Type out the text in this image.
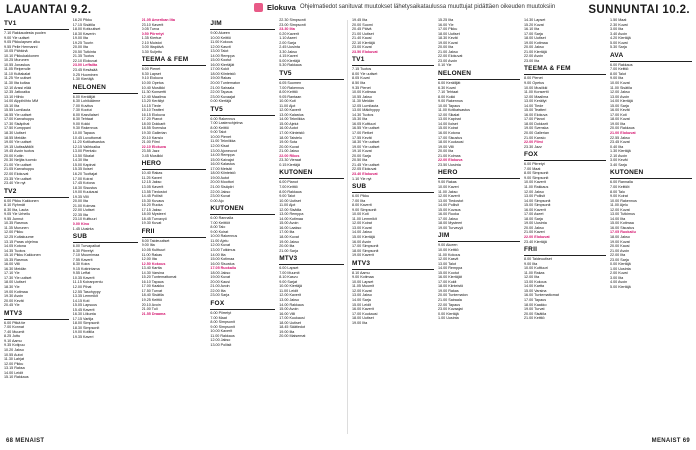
LAUANTAI 9.2.	Elokuva Ohjelmatiedot sanituvat muutokset lähetysaikataulussa muuttujat pidättäen oikeuden muutoksiin	SUNNUNTAI 10.2.
TV1
7.10 Rakkaudesta puolen
9.00 Yle uutiset
9.05 Pikkulapsen alku
9.55 Pelle Hermanni
10.05 Pähkinä
10.10 Pikkukakkonen
10.25 Murunen
10.55 Jonaskus
11.05 Reiperulle
11.10 Kultakalat
11.25 Yle uutiset
11.30 Ilta kultaa
12.10 Anssi elää
12.35 Jatkoaika
13.10 Hiihto
14.00 Alppihiihto MM
15.10 Ilta
15.55 Lumilauta
16.55 Yle uutiset
17.00 Karvahuppu
17.30 Sisäpihat
17.50 Kumppani
18.30 Uutiset
18.55 Meidän
19.00 Yle uutiset
19.15 Uutissäätiöt
19.45 Avoin tuotos
20.00 Kotiin
20.30 Neljäs tuomio
21.00 Yle uutiset
21.05 Karvahuppu
22.00 Elokuvat
23.35 Yle uutiset
23.40 Yle nyt
TV2
6.00 Pikku Kakkonen
8.10 Ryhmät
8.30 Ilta, Lauta
9.05 Yle Urheilu
9.55 Junnut
10.35 Rasmus
11.35 Murunen
12.00 Pikku
12.25 Kultakuume
13.15 Paras ohjelma
14.05 Kotona
14.35 Tuotos
15.10 Pikku Kakkonen
15.35 Rasmus
16.00 Villi
16.30 Meidän
17.10 Yle
17.30 Yle uutiset
18.00 Uutiset
18.30 Yle
19.00 Kotimaa
19.30 Avoin
20.00 Kevät
20.45 Yle
MTV3
6.00 Pitkä tie
7.00 Konnat
7.40 Muumit
8.25 Juttu
9.10 Aamu
9.35 Kotipuu
10.20 Jakso
10.55 Autot
11.30 Lahjat
12.00 Pikku
13.15 Raksa
14.00 Leidit
15.10 Rakkaus
16.20 Pikku
17.15 Sisätila
18.00 Kotiuutiset
18.30 Kaverin
19.00 Ilta
19.25 Tuurin
20.00 Ilta
20.50 Tutkinta
21.35 Tuotos
22.10 Elokuvat
23.00 Leffailta
23.45 Kesäsää
0.25 Huominen
1.30 Kiertäjä
NELONEN
6.00 Keräilijät
6.30 Lohikäärme
7.00 Kuvitus
7.30 Kootut
8.00 Kasvilaiset
8.30 Tehtaat
9.00 Kokki
9.30 Rakennus
10.00 Tapaus
10.45 Luvuttomat
11.20 Kotikatsastus
12.15 Vaihtoaika
13.00 Pientalo
13.50 Sikalat
14.30 Ilta
15.00 Kapinat
15.35 Iloiset
16.20 Tuottajat
17.00 Koirat
17.45 Kotona
18.30 Sisustus
19.00 Kuukausi
19.35 Villi
20.00 Ilta
21.00 Kolmas
22.00 Uutiset
22.35 Ilta
23.10 Kulttuuri
0.00 Kino
1.45 Uusinta
SUB
6.00 Turvapaikat
6.30 Piirretyt
7.10 Muumimaa
7.55 Kaverit
8.30 Koira
9.15 Kotirintama
9.55 Leffat
10.35 Kaverit
11.15 Koiranpentu
12.00 Pihat
12.55 Tasohyppy
13.35 Lemmikit
14.15 Koti
15.05 Lapsuus
15.45 Kaverit
16.30 Liikunta
17.15 Vartija
18.00 Simpsonit
18.30 Simpsonit
19.00 Kotitila
19.35 Kaveri
21.05 Amerikan Ilta
23.10 Kaverit
0.05 Turva
0.50 Piirretyt
1.35 Kiertue
2.10 Muistot
3.00 Iltapäivä
3.30 Suljettu
TEEMA & FEM
8.00 Pienet
8.30 Lapset
9.10 Elokuva
10.00 Opetus
10.40 Musiikki
11.30 Konsertti
12.40 Maailma
13.20 Keräilyt
14.15 Tiede
15.10 Teatteri
16.15 Elokuva
17.20 Pianot
18.00 Dokkarit
18.55 Svenska
19.30 Gallerian
20.10 Kansio
21.00 Filmi
22.10 Elokuva
23.55 Jazz
0.45 Musiikki
HERO
10.40 Rakas
11.25 Kaveri
12.15 Jakso
13.05 Kaverit
13.55 Tiedostot
14.45 Poliisit
15.30 Kuvaus
16.20 Ruoka
17.15 Jakso
18.00 Mysteeri
18.45 Turvavyö
19.30 Kuvat
FRII
8.00 Taideuutiset
9.00 Ilta
10.05 Kulttuuri
11.00 Rakas
12.00 Ilta
12.50 Kokous
13.40 Kartta
14.30 Varsina
15.20 Tuntemattomat
16.10 Tapaus
17.00 Kaakko
17.50 Turvat
18.40 Sisätila
19.25 Keittiö
20.10 Avoin
21.00 Tuli
21.55 Draama
JIM
9.00 Alueen
10.00 Keittiö
11.00 Kokous
12.00 Kasvit
13.00 Talot
14.00 Remppa
15.00 Kootut
16.00 Kiertäjät
17.00 Kokit
18.00 Kiinteistö
19.00 Rakas
20.00 Tuntematon
21.00 Sairaala
22.00 Tapaus
23.00 Kuvaajat
0.00 Kiertäjä
TV5
6.00 Rakennus
7.00 Lastenohjelma
8.00 Keittiö
9.00 Talot
10.00 Pienet
11.00 Tekniikka
12.00 Kisat
13.00 Ajoneuvot
14.00 Remppa
15.00 Kaivajat
16.00 Kalastus
17.00 Metsät
18.00 Kiinteistö
19.00 Autot
20.00 Moottori
21.00 Sisäpiiri
22.00 Jakso
23.00 Kuvat
0.00 Ajo
KUTONEN
6.00 Rannalla
7.00 Keittiöt
8.00 Talo
9.00 Koirat
10.00 Rakennus
11.00 Ajelu
12.00 Kuvat
13.00 Tutkimus
14.00 Ilta
15.00 Kotimaa
16.00 Sisustus
17.05 Ruokailu
18.00 Jakso
19.00 Kuvat
20.00 Kausi
21.00 Avoin
22.00 Ilta
23.00 Sarja
FOX
6.00 Piirretyt
7.00 Maat
8.00 Simpsonit
9.00 Simpsonit
10.00 Kaverit
11.00 Rakkaus
12.00 Jakso
13.00 Poliisit
22.30 Simpsonit
23.00 Simpsonit
23.30 Ilta
0.20 Kaverit
1.10 Aseet
2.00 Sarja
2.45 Uusinta
3.30 Jakso
4.15 Kaveri
5.00 Kiertäjä
5.30 Rakkaus
TV5
6.05 Suomen
7.00 Rakennus
8.00 Keittiö
9.05 Rantaan
10.00 Koti
11.00 Ajot
12.00 Kaverit
13.00 Kalastus
14.00 Tekniikka
15.00 Ajelut
16.00 Autot
17.00 Kiinteistö
18.00 Taistelu
19.00 Sota
20.00 Kuvat
21.00 Jakso
22.00 Rikos
23.30 Vieraat
0.15 Kiertäjä
KUTONEN
6.00 Pianot
7.00 Keittiö
8.00 Rakkaus
9.00 Talot
10.00 Uutiset
11.00 Ajot
12.00 Sisätila
13.00 Remppa
14.00 Kotimaa
15.00 Avoin
16.00 Laakso
17.00 Ilta
18.00 Kuvat
19.00 Jakso
20.00 Ilta
21.00 Sarja
MTV3
6.00 Lapset
7.00 Muumit
8.10 Kasvu
9.00 Sarjat
10.00 Kiertäjä
11.00 Leidit
12.00 Kaverit
13.00 Jakso
14.00 Rakkaus
15.00 Avoin
16.00 Villi
17.00 Kuukausi
18.00 Uutiset
18.45 Säätiedot
19.00 Ilta
20.00 Maisemat
19.45 Ilta
20.00 Suomi
20.45 Päivä
21.00 Uutiset
21.40 Kausi
22.10 Kiertäjä
23.00 Kuvat
23.50 Elokuvat
TV1
7.15 Tuotos
8.00 Yle uutiset
8.05 Kuvat
8.50 Ilta
9.35 Pienet
10.00 Kotimaa
10.55 Jakso
11.30 Meidän
12.05 Lumilauta
13.00 Mäkihyppy
14.30 Tuotos
15.30 Ilta
16.05 Kulttuuri
16.55 Yle uutiset
17.00 Retket
17.55 Kevät
18.30 Yle uutiset
19.00 Yle uutiset
19.10 Kuvat
20.00 Sarja
20.50 Ilta
21.45 Yle uutiset
22.05 Elokuvat
23.40 Elokuvat
1.10 Yle nyt
SUB
6.00 Pikku
7.00 Ilta
8.00 Kaverit
9.00 Simpsonit
10.00 Koti
11.00 Lemmikit
12.00 Koirat
13.00 Kuvat
14.00 Jakso
15.00 Kiertäjä
16.00 Avoin
17.00 Simpsonit
18.00 Simpsonit
19.00 Kaverit
MTV3
8.10 Aamu
9.00 Kotimaa
10.00 Lapset
11.05 Muumit
12.00 Kuvat
13.00 Jakso
14.00 Sarja
15.00 Leidit
16.00 Kaverit
17.00 Kuukausi
18.00 Uutiset
19.00 Ilta
15.25 Ilta
16.00 Yle
17.00 Pikku
18.00 Uutiset
18.30 Kevät
19.00 Kuvat
20.00 Ilta
21.00 Jakso
22.00 Elokuvat
23.00 Avoin
0.10 Yle
NELONEN
6.00 Keräilijät
6.30 Kuvat
7.10 Tehtaat
8.00 Kokki
9.00 Rakennus
10.00 Tapaus
11.00 Kotikatsastus
12.00 Sikalat
13.00 Kapinat
14.00 Iloiset
15.00 Koirat
16.00 Kotona
17.00 Sisustus
18.00 Kuukausi
19.00 Villi
20.00 Ilta
21.00 Kolmas
22.00 Elokuva
23.50 Uusinta
HERO
9.00 Rakas
10.00 Kaveri
11.00 Jakso
12.00 Kaverit
13.00 Tiedostot
14.00 Poliisit
15.00 Kuvaus
16.00 Ruoka
17.00 Jakso
18.00 Mysteeri
19.00 Turvavyö
JIM
9.00 Alueen
10.00 Keittiö
11.00 Kokous
12.00 Kasvit
13.00 Talot
14.00 Remppa
15.00 Kootut
16.00 Kiertäjät
17.00 Kokit
18.00 Kiinteistö
19.00 Rakas
20.00 Tuntematon
21.00 Sairaala
22.00 Tapaus
23.00 Kuvaajat
0.00 Kiertäjä
1.00 Uusinta
14.30 Lapset
15.20 Kuvat
16.10 Ilta
17.00 Sarja
18.00 Uutiset
19.00 Kotimaa
20.00 Jakso
21.00 Kiertäjä
22.00 Avoin
23.00 Ilta
TEEMA & FEM
8.00 Pienet
9.00 Opetus
10.00 Musiikki
11.00 Konsertti
12.00 Maailma
13.00 Keräilyt
14.00 Tiede
15.00 Teatteri
16.00 Elokuva
17.00 Pianot
18.00 Dokkarit
19.00 Svenska
20.00 Gallerian
21.00 Kansio
22.00 Filmi
23.30 Jazz
FOX
6.00 Piirretyt
7.00 Maat
8.00 Simpsonit
9.00 Simpsonit
10.00 Kaverit
11.00 Rakkaus
12.00 Jakso
13.00 Poliisit
14.00 Simpsonit
15.00 Simpsonit
16.00 Kaverit
17.00 Aseet
18.00 Sarja
19.00 Uusinta
20.00 Jakso
21.00 Kaveri
22.00 Elokuvat
23.40 Kiertäjä
FRII
8.00 Taideuutiset
9.00 Ilta
10.00 Kulttuuri
11.00 Rakas
12.00 Ilta
13.00 Kokous
14.00 Kartta
15.00 Varsina
16.00 Tuntemattomat
17.00 Tapaus
18.00 Kaakko
19.00 Turvat
20.00 Sisätila
21.00 Keittiö
1.50 Maat
2.30 Kuvat
3.00 Ilta
3.40 Avoin
4.20 Kiertäjä
5.00 Kuvat
5.30 Sarja
AVA
6.00 Rakkaus
7.00 Keittiö
8.00 Talot
9.00 Ilta
10.00 Kuvat
11.00 Sisätila
12.00 Jakso
13.00 Avoin
14.00 Kiertäjä
15.00 Sarja
16.00 Kevät
17.00 Koti
18.00 Kuvat
19.00 Ilta
20.00 Rakkaus
21.00 Elokuvat
22.55 Jakso
23.45 Kuvat
0.40 Ilta
1.30 Kiertäjä
2.10 Avoin
3.00 Kevät
3.40 Sarja
KUTONEN
6.00 Rannalla
7.00 Keittiöt
8.00 Talo
9.00 Koirat
10.00 Rakennus
11.00 Ajelu
12.00 Kuvat
13.00 Tutkimus
14.00 Ilta
15.00 Kotimaa
16.00 Sisustus
17.05 Ruokailu
18.00 Jakso
19.00 Kuvat
20.00 Kausi
21.00 Avoin
22.00 Ilta
23.00 Sarja
0.00 Kiertäjä
1.00 Uusinta
2.00 Kuvat
3.00 Ilta
4.00 Avoin
5.00 Kiertäjä
68 MENAIST	MENAIST 69
